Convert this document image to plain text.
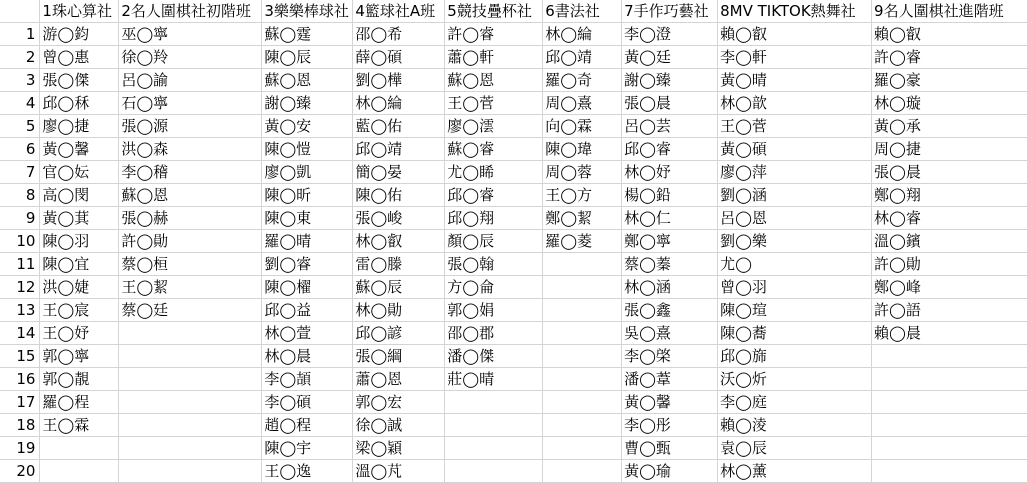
	1珠心算社	2名人圍棋社初階班	3樂樂棒球社	4籃球社A班	5競技疊杯社	6書法社	7手作巧藝社	8MV TIKTOK熱舞社	9名人圍棋社進階班
1	游◯鈞	巫◯寧	蘇◯霆	邵◯希	許◯睿	林◯綸	李◯澄	賴◯叡	賴◯叡
2	曾◯惠	徐◯羚	陳◯辰	薛◯碩	蕭◯軒	邱◯靖	黃◯廷	李◯軒	許◯睿
3	張◯傑	呂◯諭	蘇◯恩	劉◯樺	蘇◯恩	羅◯奇	謝◯臻	黃◯晴	羅◯豪
4	邱◯秝	石◯寧	謝◯臻	林◯綸	王◯菅	周◯熹	張◯晨	林◯歆	林◯璇
5	廖◯捷	張◯源	黃◯安	藍◯佑	廖◯澐	向◯霖	呂◯芸	王◯菅	黃◯承
6	黃◯馨	洪◯森	陳◯愷	邱◯靖	蘇◯睿	陳◯瑋	邱◯睿	黃◯碩	周◯捷
7	官◯妘	李◯稽	廖◯凱	簡◯晏	尤◯睎	周◯蓉	林◯妤	廖◯萍	張◯晨
8	高◯閔	蘇◯恩	陳◯昕	陳◯佑	邱◯睿	王◯方	楊◯鉛	劉◯涵	鄭◯翔
9	黃◯萁	張◯赫	陳◯東	張◯峻	邱◯翔	鄭◯絜	林◯仁	呂◯恩	林◯睿
10	陳◯羽	許◯勛	羅◯晴	林◯叡	顏◯辰	羅◯菱	鄭◯寧	劉◯樂	溫◯鑌
11	陳◯宜	蔡◯桓	劉◯睿	雷◯滕	張◯翰		蔡◯蓁	尤◯	許◯勛
12	洪◯婕	王◯絜	陳◯櫂	蘇◯辰	方◯侖		林◯涵	曾◯羽	鄭◯峰
13	王◯宸	蔡◯廷	邱◯益	林◯勛	郭◯娟		張◯鑫	陳◯瑄	許◯語
14	王◯妤		林◯萱	邱◯諺	邵◯郡		吳◯熹	陳◯蕎	賴◯晨
15	郭◯寧		林◯晨	張◯綱	潘◯傑		李◯棨	邱◯旆	
16	郭◯靚		李◯頡	蕭◯恩	莊◯晴		潘◯葦	沃◯炘	
17	羅◯程		李◯碩	郭◯宏			黃◯馨	李◯庭	
18	王◯霖		趙◯程	徐◯誠			李◯彤	賴◯淩	
19			陳◯宇	梁◯穎			曹◯甄	袁◯辰	
20			王◯逸	溫◯芃			黃◯瑜	林◯薰	
